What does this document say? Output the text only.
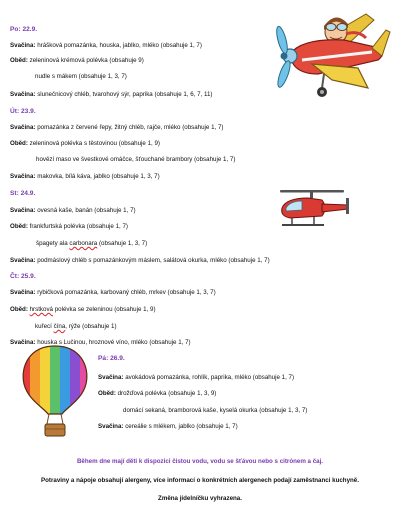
Po: 22.9.
Svačina: hrášková pomazánka, houska, jablko, mléko (obsahuje 1, 7)
Oběd: zeleninová krémová polévka (obsahuje 9)
nudle s mákem (obsahuje 1, 3, 7)
Svačina: slunečnicový chléb, tvarohový sýr, paprika (obsahuje 1, 6, 7, 11)
Út: 23.9.
Svačina: pomazánka z červené řepy, žitný chléb, rajče, mléko (obsahuje 1, 7)
Oběd: zeleninová polévka s těstovinou (obsahuje 1, 9)
hovězí maso ve švestkové omáčce, šťouchané brambory (obsahuje 1, 7)
Svačina: makovka, bílá káva, jablko (obsahuje 1, 3, 7)
St: 24.9.
Svačina: ovesná kaše, banán (obsahuje 1, 7)
Oběd: frankfurtská polévka (obsahuje 1, 7)
špagety ala carbonara (obsahuje 1, 3, 7)
Svačina: podmáslový chléb s pomazánkovým máslem, salátová okurka, mléko (obsahuje 1, 7)
Čt: 25.9.
Svačina: rybičková pomazánka, karbovaný chléb, mrkev (obsahuje 1, 3, 7)
Oběd: hrstková polévka se zeleninou (obsahuje 1, 9)
kuřecí čína, rýže (obsahuje 1)
Svačina: houska s Lučinou, hroznové víno, mléko (obsahuje 1, 7)
Pá: 26.9.
Svačina: avokádová pomazánka, rohlík, paprika, mléko (obsahuje 1, 7)
Oběd: drožďová polévka (obsahuje 1, 3, 9)
domácí sekaná, bramborová kaše, kyselá okurka (obsahuje 1, 3, 7)
Svačina: cereálie s mlékem, jablko (obsahuje 1, 7)
Během dne mají děti k dispozici čistou vodu, vodu se šťávou nebo s citrónem a čaj.
Potraviny a nápoje obsahují alergeny, více informací o konkrétních alergenech podají zaměstnanci kuchyně.
Změna jídelníčku vyhrazena.
